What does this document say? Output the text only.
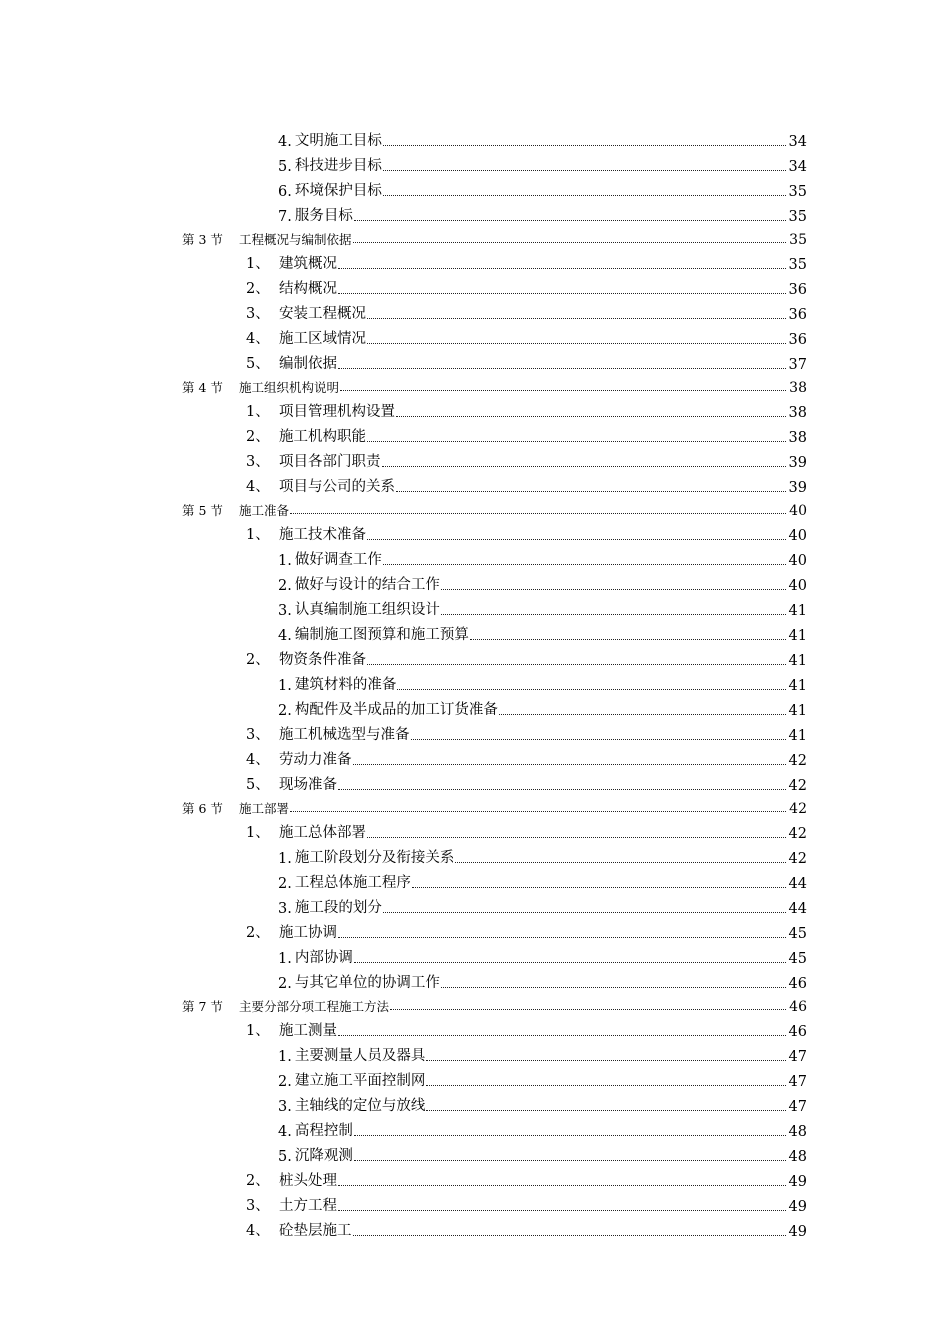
4. 文明施工目标	34
5. 科技进步目标	34
6. 环境保护目标	35
7. 服务目标	35
第 3 节	工程概况与编制依据	35
1、 建筑概况	35
2、 结构概况	36
3、 安装工程概况	36
4、 施工区域情况	36
5、 编制依据	37
第 4 节	施工组织机构说明	38
1、 项目管理机构设置	38
2、 施工机构职能	38
3、 项目各部门职责	39
4、 项目与公司的关系	39
第 5 节	施工准备	40
1、 施工技术准备	40
1. 做好调查工作	40
2. 做好与设计的结合工作	40
3. 认真编制施工组织设计	41
4. 编制施工图预算和施工预算	41
2、 物资条件准备	41
1. 建筑材料的准备	41
2. 构配件及半成品的加工订货准备	41
3、 施工机械选型与准备	41
4、 劳动力准备	42
5、 现场准备	42
第 6 节	施工部署	42
1、 施工总体部署	42
1. 施工阶段划分及衔接关系	42
2. 工程总体施工程序	44
3. 施工段的划分	44
2、 施工协调	45
1. 内部协调	45
2. 与其它单位的协调工作	46
第 7 节	主要分部分项工程施工方法	46
1、 施工测量	46
1. 主要测量人员及器具	47
2. 建立施工平面控制网	47
3. 主轴线的定位与放线	47
4. 高程控制	48
5. 沉降观测	48
2、 桩头处理	49
3、 土方工程	49
4、 砼垫层施工	49
